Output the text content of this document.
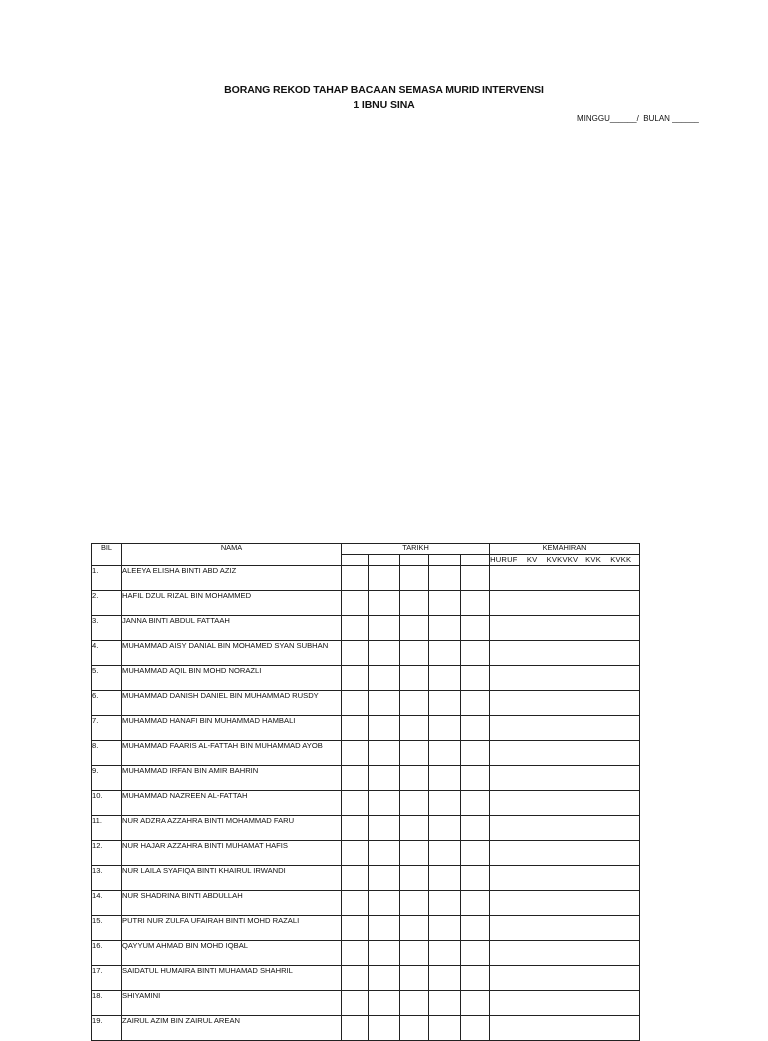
BORANG REKOD TAHAP BACAAN SEMASA MURID INTERVENSI
1 IBNU SINA
MINGGU______/  BULAN ______
BIL	NAMA	TARIKH					KEMAHIRAN
							HURUF    KV    KVKVKV   KVK    KVKK
1.	ALEEYA ELISHA BINTI ABD AZIZ						
2.	HAFIL DZUL RIZAL BIN MOHAMMED						
3.	JANNA BINTI ABDUL FATTAAH						
4.	MUHAMMAD AISY DANIAL BIN MOHAMED SYAN SUBHAN						
5.	MUHAMMAD AQIL BIN MOHD NORAZLI						
6.	MUHAMMAD DANISH DANIEL BIN MUHAMMAD RUSDY						
7.	MUHAMMAD HANAFI BIN MUHAMMAD HAMBALI						
8.	MUHAMMAD FAARIS AL-FATTAH BIN MUHAMMAD AYOB						
9.	MUHAMMAD IRFAN BIN AMIR BAHRIN						
10.	MUHAMMAD NAZREEN AL-FATTAH						
11.	NUR ADZRA AZZAHRA BINTI MOHAMMAD FARU						
12.	NUR HAJAR AZZAHRA BINTI MUHAMAT HAFIS						
13.	NUR LAILA SYAFIQA BINTI KHAIRUL IRWANDI						
14.	NUR SHADRINA BINTI ABDULLAH						
15.	PUTRI NUR ZULFA UFAIRAH BINTI MOHD RAZALI						
16.	QAYYUM AHMAD BIN MOHD IQBAL						
17.	SAIDATUL HUMAIRA BINTI MUHAMAD SHAHRIL						
18.	SHIYAMINI						
19.	ZAIRUL AZIM BIN ZAIRUL AREAN						
